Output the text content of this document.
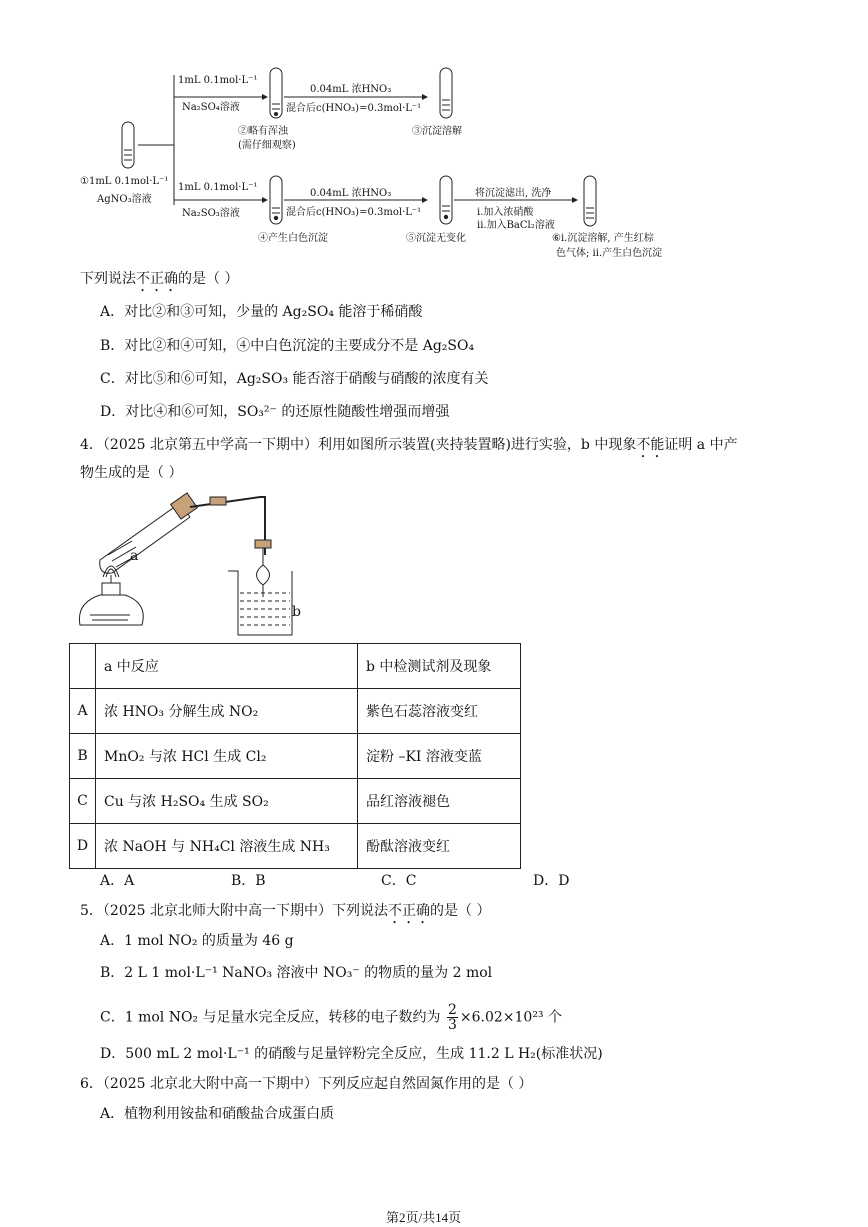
①1mL 0.1mol·L⁻¹
AgNO₃溶液
1mL 0.1mol·L⁻¹
Na₂SO₄溶液
②略有浑浊
(需仔细观察)
0.04mL 浓HNO₃
混合后c(HNO₃)=0.3mol·L⁻¹
③沉淀溶解
1mL 0.1mol·L⁻¹
Na₂SO₃溶液
④产生白色沉淀
0.04mL 浓HNO₃
混合后c(HNO₃)=0.3mol·L⁻¹
⑤沉淀无变化
将沉淀滤出, 洗净
i.加入浓硝酸
ii.加入BaCl₂溶液
⑥i.沉淀溶解, 产生红棕
色气体; ii.产生白色沉淀
下列说法不正确的是（ ）
A．对比②和③可知，少量的 Ag₂SO₄ 能溶于稀硝酸
B．对比②和④可知，④中白色沉淀的主要成分不是 Ag₂SO₄
C．对比⑤和⑥可知，Ag₂SO₃ 能否溶于硝酸与硝酸的浓度有关
D．对比④和⑥可知，SO₃²⁻ 的还原性随酸性增强而增强
4．（2025 北京第五中学高一下期中）利用如图所示装置(夹持装置略)进行实验，b 中现象不能证明 a 中产
物生成的是（ ）
a
b
	a 中反应	b 中检测试剂及现象
A	浓 HNO₃ 分解生成 NO₂	紫色石蕊溶液变红
B	MnO₂ 与浓 HCl 生成 Cl₂	淀粉 –KI 溶液变蓝
C	Cu 与浓 H₂SO₄ 生成 SO₂	品红溶液褪色
D	浓 NaOH 与 NH₄Cl 溶液生成 NH₃	酚酞溶液变红
A．A	B．B	C．C	D．D
5．（2025 北京北师大附中高一下期中）下列说法不正确的是（ ）
A．1 mol NO₂ 的质量为 46 g
B．2 L 1 mol·L⁻¹ NaNO₃ 溶液中 NO₃⁻ 的物质的量为 2 mol
C．1 mol NO₂ 与足量水完全反应，转移的电子数约为 $\frac{2}{3} \times 6.02\times 10^{23}$ 个
D．500 mL 2 mol·L⁻¹ 的硝酸与足量锌粉完全反应，生成 11.2 L H₂(标准状况)
6．（2025 北京北大附中高一下期中）下列反应起自然固氮作用的是（ ）
A．植物利用铵盐和硝酸盐合成蛋白质
第2页/共14页
